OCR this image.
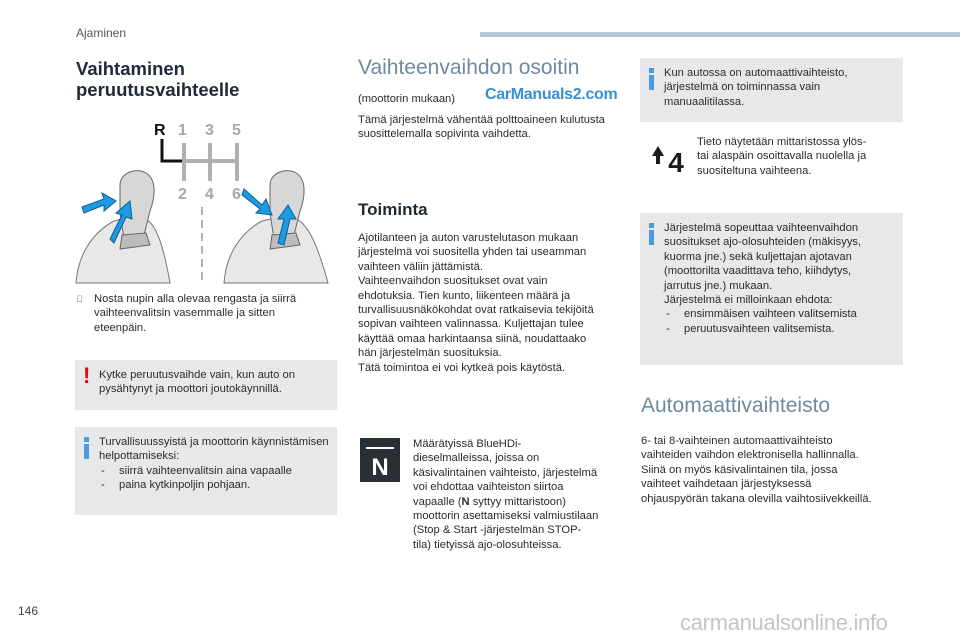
Ajaminen
Vaihtaminen
peruutusvaihteelle
R 1 3 5
2 4 6
Nosta nupin alla olevaa rengasta ja siirrä vaihteenvalitsin vasemmalle ja sitten eteenpäin.
! Kytke peruutusvaihde vain, kun auto on pysähtynyt ja moottori joutokäynnillä.
Turvallisuussyistä ja moottorin käynnistämisen helpottamiseksi:
- siirrä vaihteenvalitsin aina vapaalle
- paina kytkinpoljin pohjaan.
Vaihteenvaihdon osoitin
(moottorin mukaan) CarManuals2.com
Tämä järjestelmä vähentää polttoaineen kulutusta suosittelemalla sopivinta vaihdetta.
Toiminta
Ajotilanteen ja auton varustelutason mukaan
järjestelmä voi suositella yhden tai useamman
vaihteen väliin jättämistä.
Vaihteenvaihdon suositukset ovat vain
ehdotuksia. Tien kunto, liikenteen määrä ja
turvallisuusnäkökohdat ovat ratkaisevia tekijöitä
sopivan vaihteen valinnassa. Kuljettajan tulee
käyttää omaa harkintaansa siinä, noudattaako
hän järjestelmän suosituksia.
Tätä toimintoa ei voi kytkeä pois käytöstä.
N
Määrätyissä BlueHDi-
dieselmalleissa, joissa on
käsivalintainen vaihteisto, järjestelmä
voi ehdottaa vaihteiston siirtoa
vapaalle (N syttyy mittaristoon)
moottorin asettamiseksi valmiustilaan
(Stop & Start -järjestelmän STOP-
tila) tietyissä ajo-olosuhteissa.
Kun autossa on automaattivaihteisto,
järjestelmä on toiminnassa vain
manuaalitilassa.
4
Tieto näytetään mittaristossa ylös-
tai alaspäin osoittavalla nuolella ja
suositeltuna vaihteena.
Järjestelmä sopeuttaa vaihteenvaihdon
suositukset ajo-olosuhteiden (mäkisyys,
kuorma jne.) sekä kuljettajan ajotavan
(moottorilta vaadittava teho, kiihdytys,
jarrutus jne.) mukaan.
Järjestelmä ei milloinkaan ehdota:
- ensimmäisen vaihteen valitsemista
- peruutusvaihteen valitsemista.
Automaattivaihteisto
6- tai 8-vaihteinen automaattivaihteisto
vaihteiden vaihdon elektronisella hallinnalla.
Siinä on myös käsivalintainen tila, jossa
vaihteet vaihdetaan järjestyksessä
ohjauspyörän takana olevilla vaihtosiivekkeillä.
146	carmanualsonline.info
